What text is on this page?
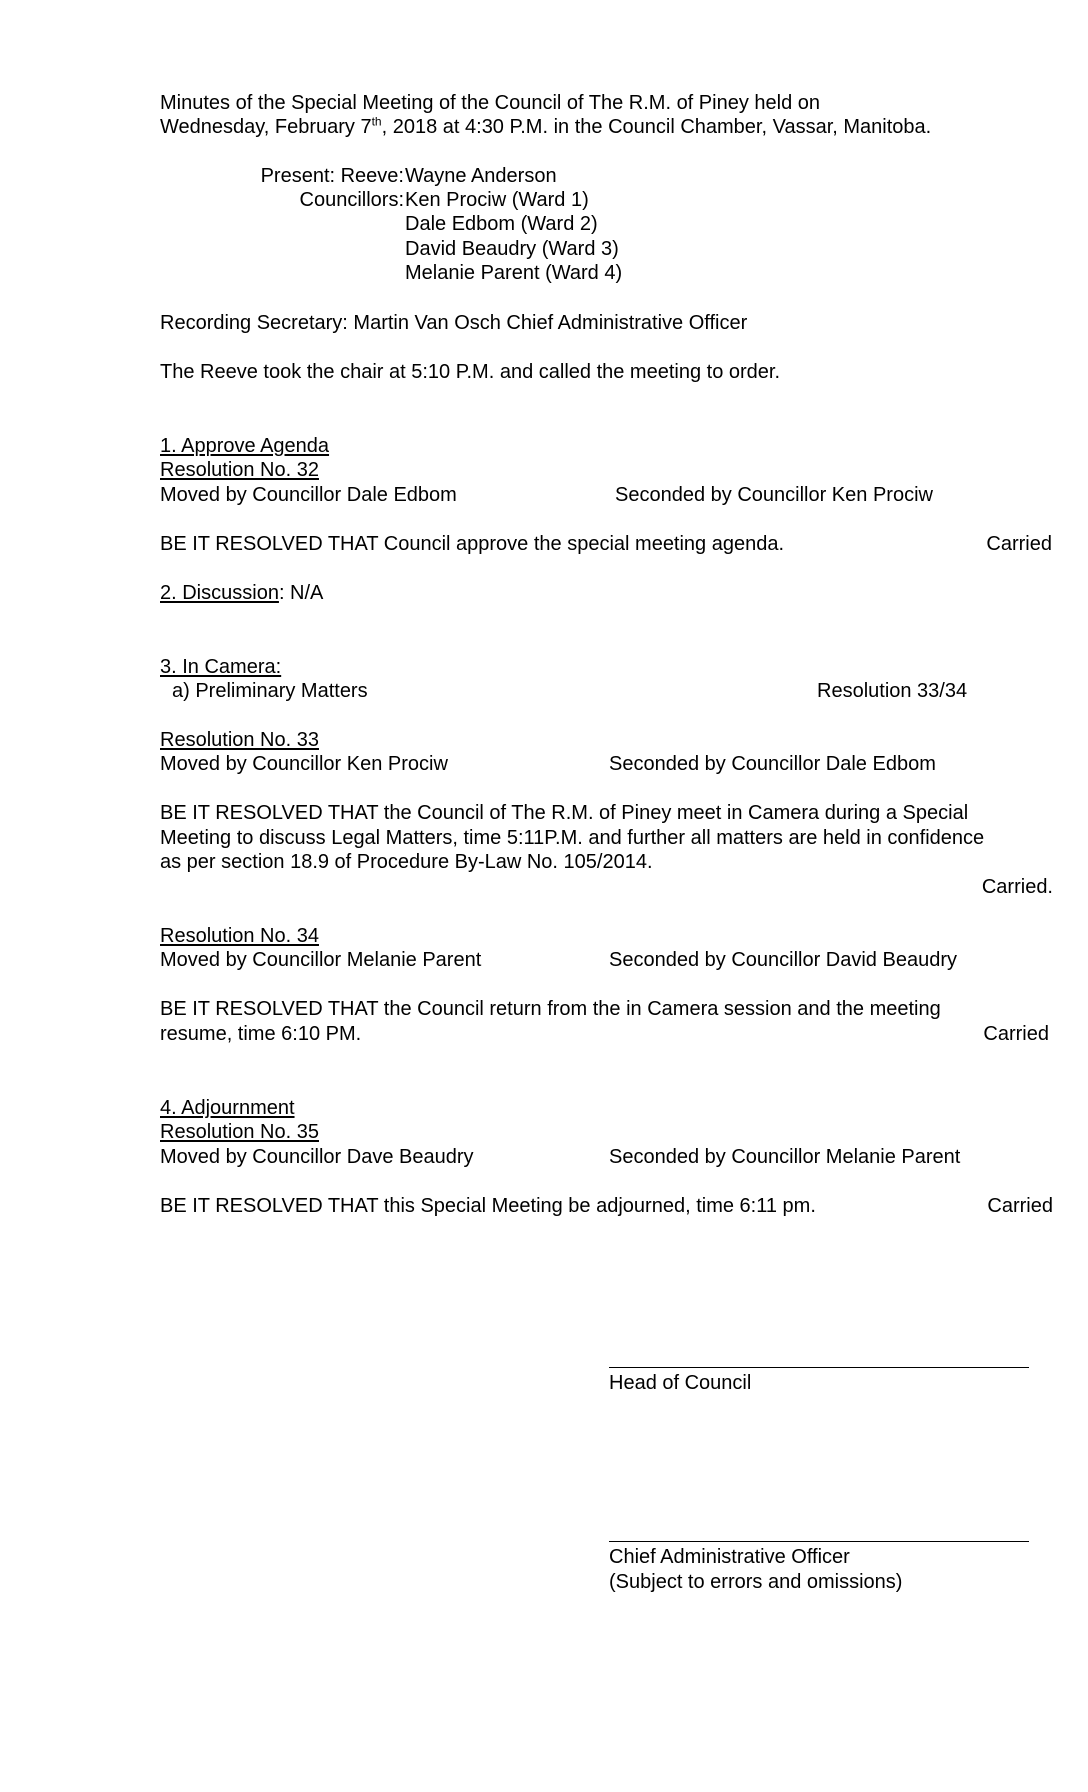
Minutes of the Special Meeting of the Council of The R.M. of Piney held on
Wednesday, February 7th, 2018 at 4:30 P.M. in the Council Chamber, Vassar, Manitoba.
Present: Reeve: Wayne Anderson
Councillors: Ken Prociw (Ward 1)
Dale Edbom (Ward 2)
David Beaudry (Ward 3)
Melanie Parent (Ward 4)
Recording Secretary: Martin Van Osch Chief Administrative Officer
The Reeve took the chair at 5:10 P.M. and called the meeting to order.
1. Approve Agenda
Resolution No. 32
Moved by Councillor Dale Edbom	Seconded by Councillor Ken Prociw
BE IT RESOLVED THAT Council approve the special meeting agenda.	Carried
2. Discussion: N/A
3. In Camera:
a) Preliminary Matters	Resolution 33/34
Resolution No. 33
Moved by Councillor Ken Prociw	Seconded by Councillor Dale Edbom
BE IT RESOLVED THAT the Council of The R.M. of Piney meet in Camera during a Special
Meeting to discuss Legal Matters, time 5:11P.M. and further all matters are held in confidence
as per section 18.9 of Procedure By-Law No. 105/2014.
Carried.
Resolution No. 34
Moved by Councillor Melanie Parent	Seconded by Councillor David Beaudry
BE IT RESOLVED THAT the Council return from the in Camera session and the meeting
resume, time 6:10 PM.	Carried
4. Adjournment
Resolution No. 35
Moved by Councillor Dave Beaudry	Seconded by Councillor Melanie Parent
BE IT RESOLVED THAT this Special Meeting be adjourned, time 6:11 pm.	Carried
Head of Council
Chief Administrative Officer
(Subject to errors and omissions)
